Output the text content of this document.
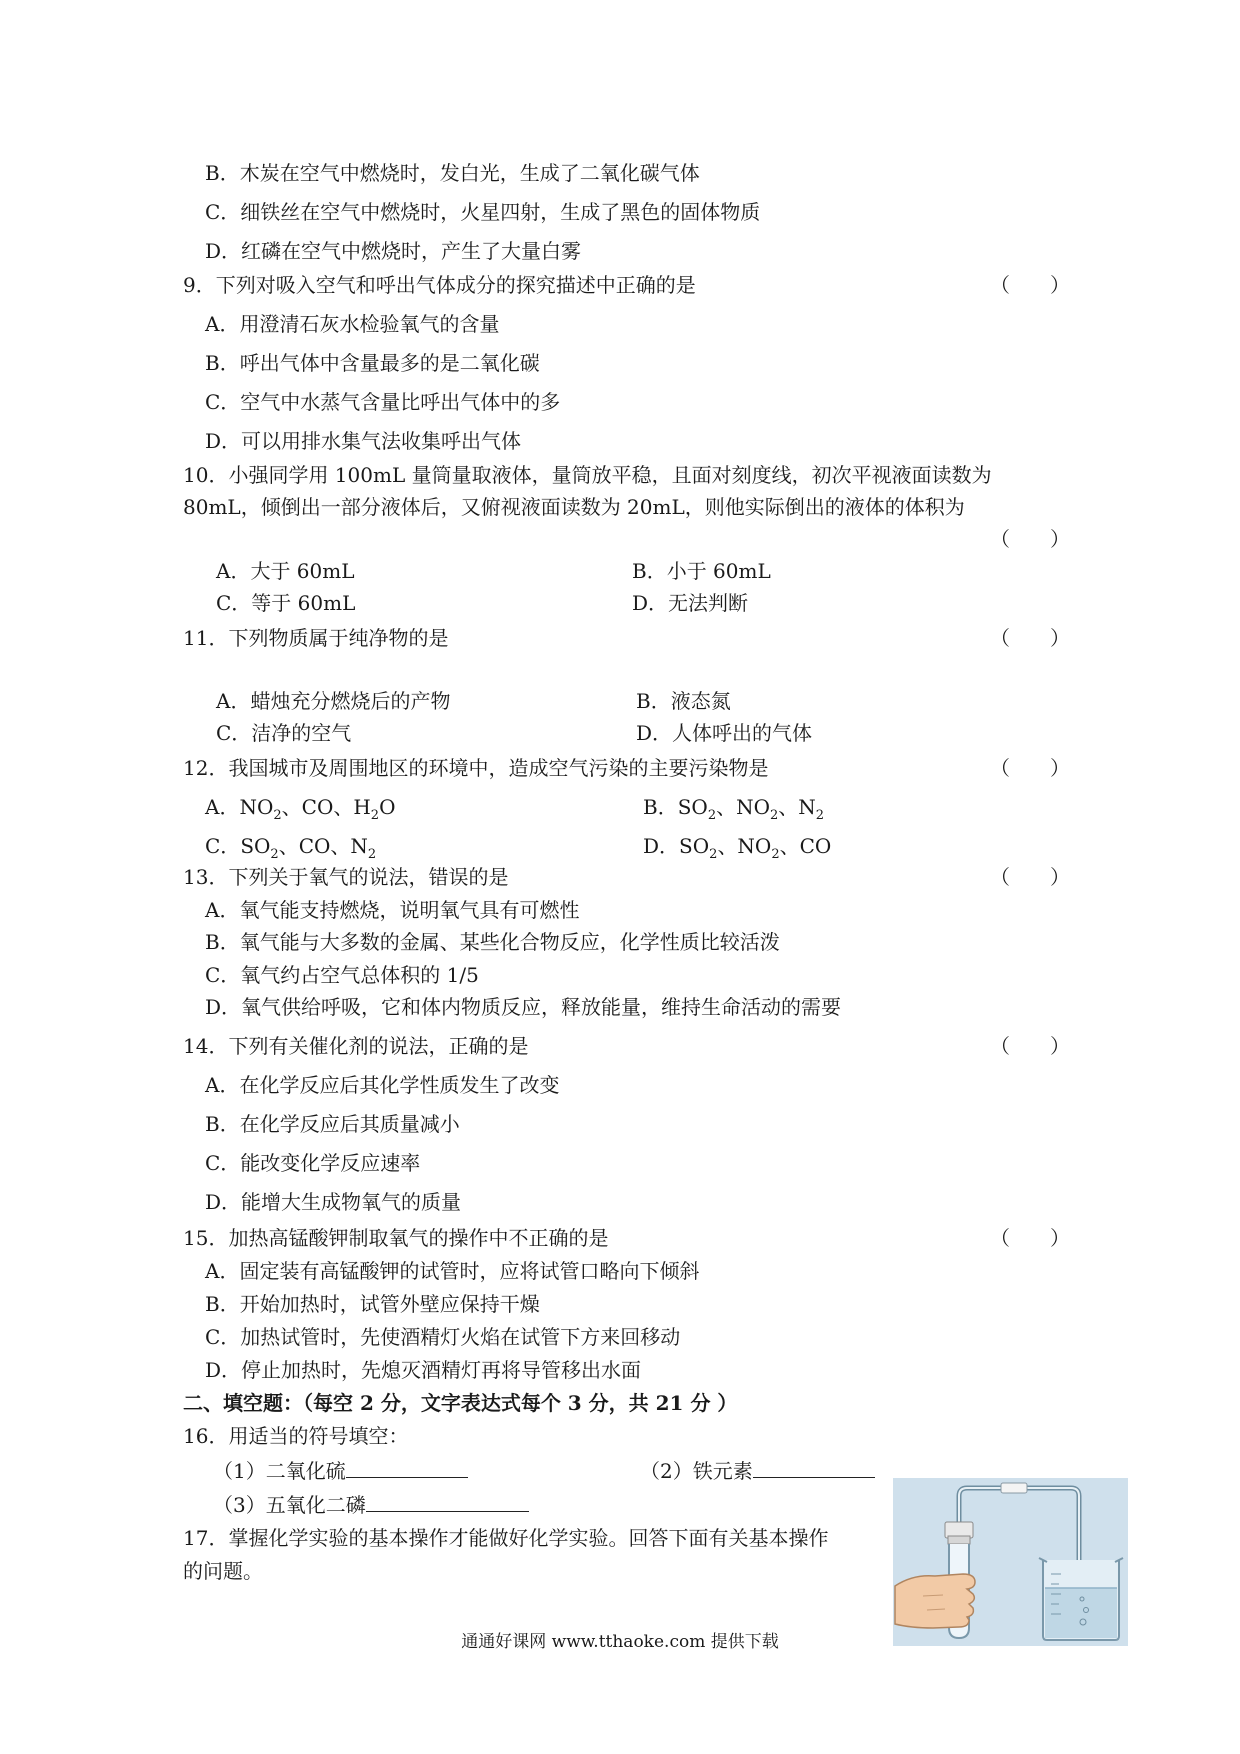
B．木炭在空气中燃烧时，发白光，生成了二氧化碳气体
C．细铁丝在空气中燃烧时，火星四射，生成了黑色的固体物质
D．红磷在空气中燃烧时，产生了大量白雾
9．下列对吸入空气和呼出气体成分的探究描述中正确的是	（　　）
A．用澄清石灰水检验氧气的含量
B．呼出气体中含量最多的是二氧化碳
C．空气中水蒸气含量比呼出气体中的多
D．可以用排水集气法收集呼出气体
10．小强同学用 100mL 量筒量取液体，量筒放平稳，且面对刻度线，初次平视液面读数为
80mL，倾倒出一部分液体后，又俯视液面读数为 20mL，则他实际倒出的液体的体积为
（　　）
A．大于 60mL	B．小于 60mL
C．等于 60mL	D．无法判断
11．下列物质属于纯净物的是	（　　）
A．蜡烛充分燃烧后的产物	B．液态氮
C．洁净的空气	D．人体呼出的气体
12．我国城市及周围地区的环境中，造成空气污染的主要污染物是	（　　）
A．$NO_2$、CO、$H_2O$	B．$SO_2$、$NO_2$、$N_2$
C．$SO_2$、CO、$N_2$	D．$SO_2$、$NO_2$、CO
13．下列关于氧气的说法，错误的是	（　　）
A．氧气能支持燃烧，说明氧气具有可燃性
B．氧气能与大多数的金属、某些化合物反应，化学性质比较活泼
C．氧气约占空气总体积的 1/5
D．氧气供给呼吸，它和体内物质反应，释放能量，维持生命活动的需要
14．下列有关催化剂的说法，正确的是	（　　）
A．在化学反应后其化学性质发生了改变
B．在化学反应后其质量减小
C．能改变化学反应速率
D．能增大生成物氧气的质量
15．加热高锰酸钾制取氧气的操作中不正确的是	（　　）
A．固定装有高锰酸钾的试管时，应将试管口略向下倾斜
B．开始加热时，试管外壁应保持干燥
C．加热试管时，先使酒精灯火焰在试管下方来回移动
D．停止加热时，先熄灭酒精灯再将导管移出水面
二、填空题：（每空 2 分，文字表达式每个 3 分，共 21 分 ）
16．用适当的符号填空：
（1）二氧化硫	（2）铁元素
（3）五氧化二磷
17．掌握化学实验的基本操作才能做好化学实验。回答下面有关基本操作
的问题。
通通好课网 www.tthaoke.com 提供下载
